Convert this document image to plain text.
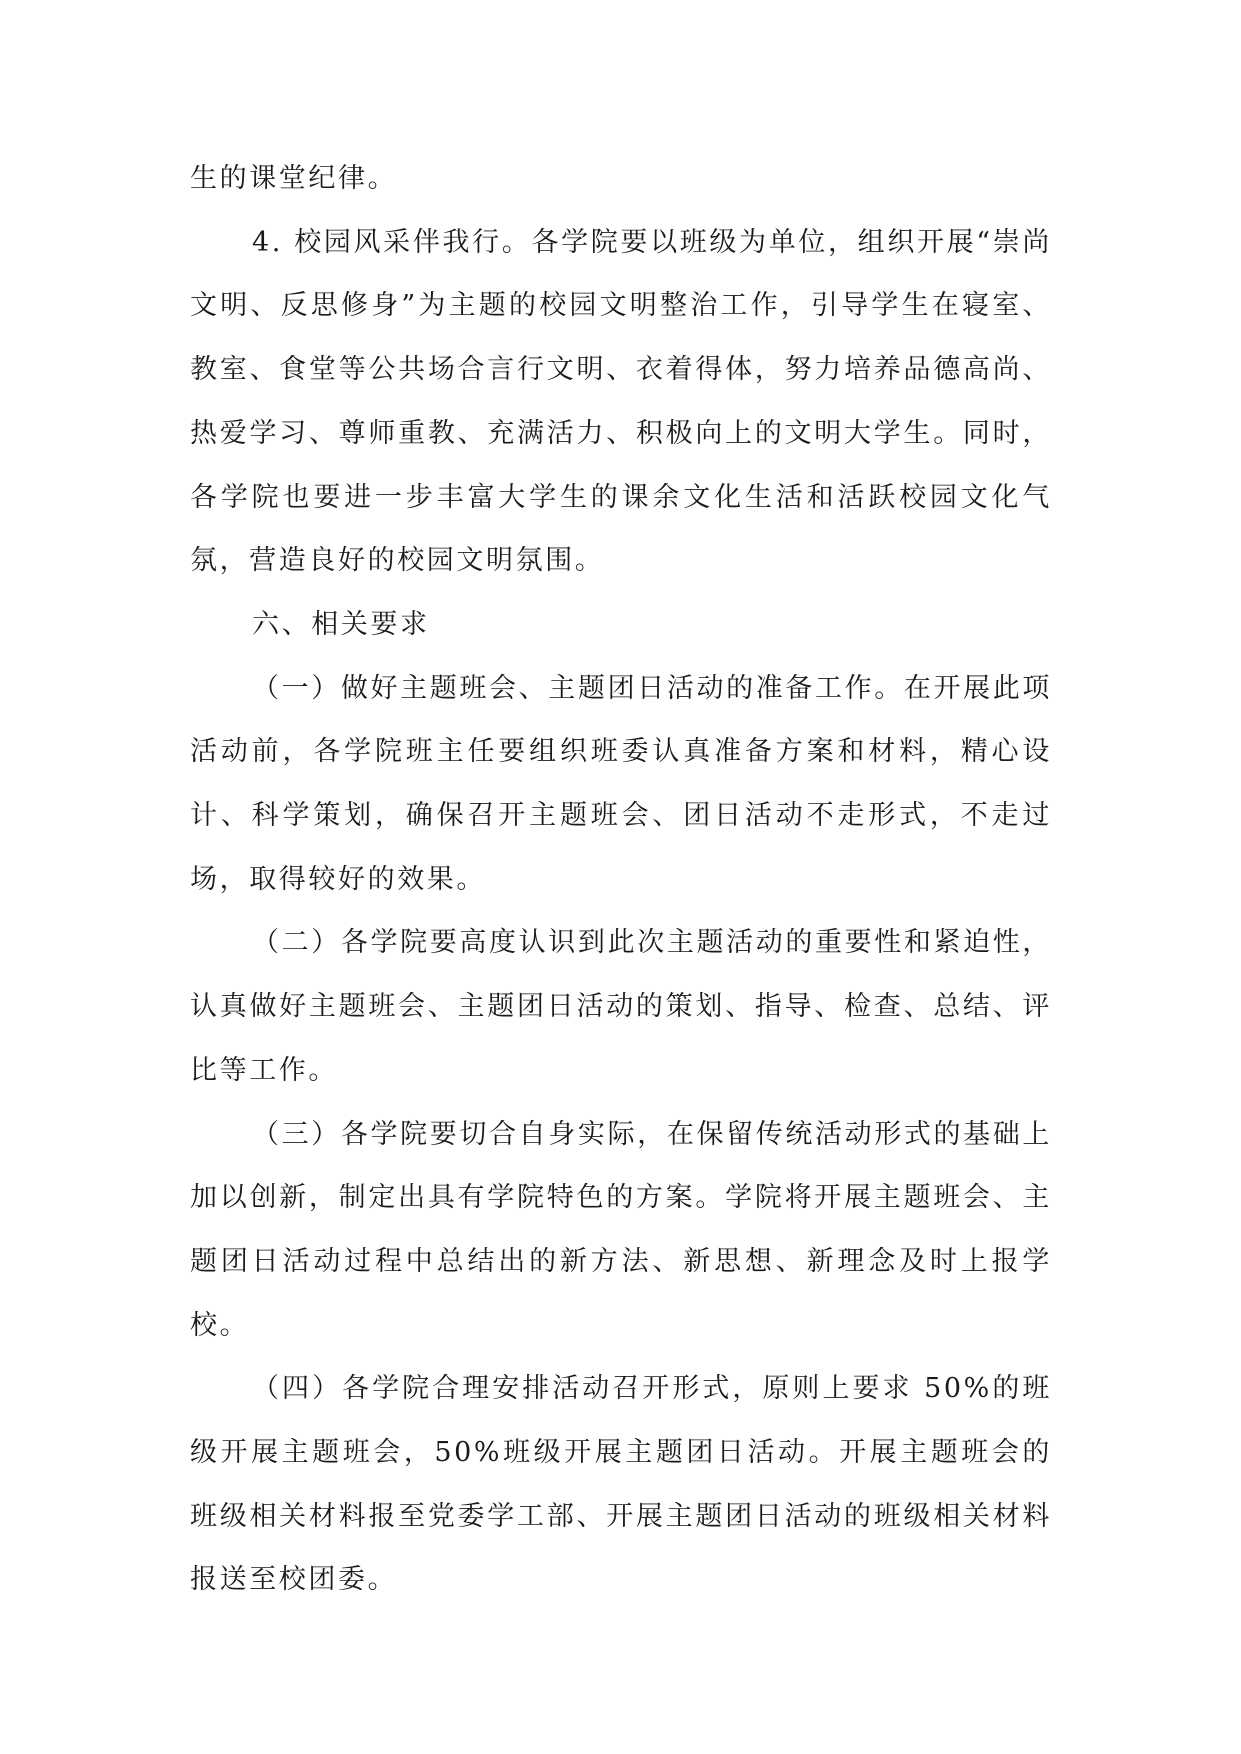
生的课堂纪律。

4. 校园风采伴我行。各学院要以班级为单位，组织开展“崇尚文明、反思修身”为主题的校园文明整治工作，引导学生在寝室、教室、食堂等公共场合言行文明、衣着得体，努力培养品德高尚、热爱学习、尊师重教、充满活力、积极向上的文明大学生。同时，各学院也要进一步丰富大学生的课余文化生活和活跃校园文化气氛，营造良好的校园文明氛围。

六、相关要求

（一）做好主题班会、主题团日活动的准备工作。在开展此项活动前，各学院班主任要组织班委认真准备方案和材料，精心设计、科学策划，确保召开主题班会、团日活动不走形式，不走过场，取得较好的效果。

（二）各学院要高度认识到此次主题活动的重要性和紧迫性，认真做好主题班会、主题团日活动的策划、指导、检查、总结、评比等工作。

（三）各学院要切合自身实际，在保留传统活动形式的基础上加以创新，制定出具有学院特色的方案。学院将开展主题班会、主题团日活动过程中总结出的新方法、新思想、新理念及时上报学校。

（四）各学院合理安排活动召开形式，原则上要求 50%的班级开展主题班会，50%班级开展主题团日活动。开展主题班会的班级相关材料报至党委学工部、开展主题团日活动的班级相关材料报送至校团委。
